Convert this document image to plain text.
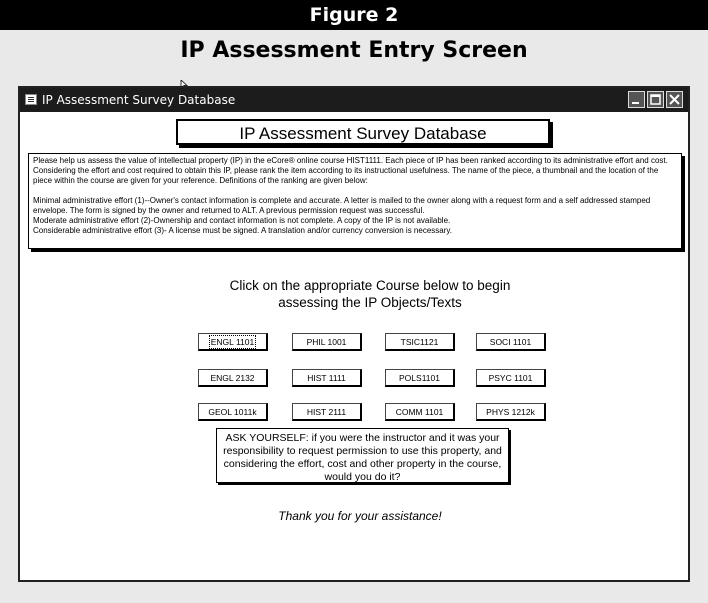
Figure 2
IP Assessment Entry Screen
IP Assessment Survey Database
IP Assessment Survey Database

Please help us assess the value of intellectual property (IP) in the eCore® online course HIST1111. Each piece of IP has been ranked according to its administrative effort and cost. Considering the effort and cost required to obtain this IP, please rank the item according to its instructional usefulness. The name of the piece, a thumbnail and the location of the piece within the course are given for your reference. Definitions of the ranking are given below:

Minimal administrative effort (1)--Owner's contact information is complete and accurate. A letter is mailed to the owner along with a request form and a self addressed stamped envelope. The form is signed by the owner and returned to ALT. A previous permission request was successful.

Moderate administrative effort (2)-Ownership and contact information is not complete. A copy of the IP is not available.

Considerable administrative effort (3)- A license must be signed. A translation and/or currency conversion is necessary.

Click on the appropriate Course below to begin
assessing the IP Objects/Texts
ENGL 1101	PHIL 1001	TSIC1121	SOCI 1101
ENGL 2132	HIST 1111	POLS1101	PSYC 1101
GEOL 1011k	HIST 2111	COMM 1101	PHYS 1212k
ASK YOURSELF: if you were the instructor and it was your responsibility to request permission to use this property, and considering the effort, cost and other property in the course, would you do it?
Thank you for your assistance!
